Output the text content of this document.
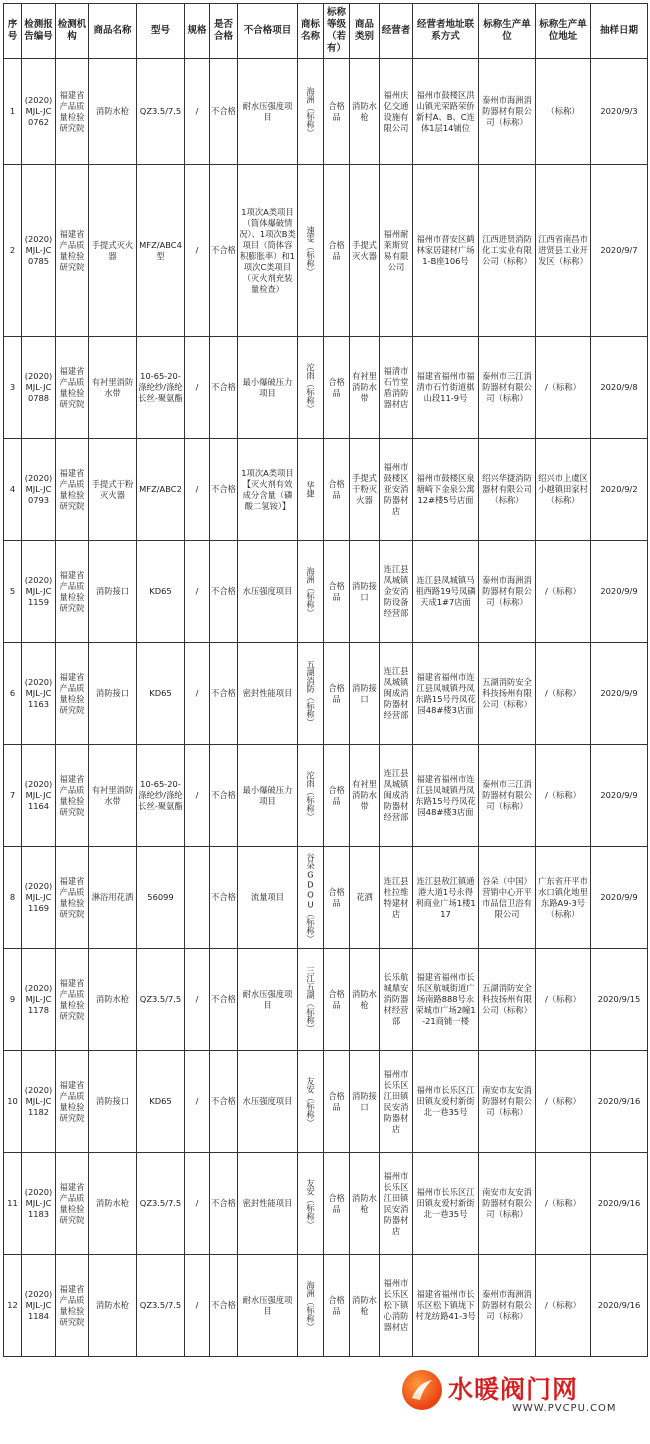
序号	检测报告编号	检测机构	商品名称	型号	规格	是否合格	不合格项目	商标名称	标称等级（若有）	商品类别	经营者	经营者地址联系方式	标称生产单位	标称生产单位地址	抽样日期
1	(2020)MJL-JC0762	福建省产品质量检验研究院	消防水枪	QZ3.5/7.5	/	不合格	耐水压强度项目	海洲（标称）	合格品	消防水枪	福州庆亿交通设施有限公司	福州市鼓楼区洪山镇光荣路荣侨新村A、B、C连体1层14铺位	泰州市海洲消防器材有限公司（标称）	（标称）	2020/9/3
2	(2020)MJL-JC0785	福建省产品质量检验研究院	手提式灭火器	MFZ/ABC4型	/	不合格	1项次A类项目（筒体爆破情况）、1项次B类项目（筒体容积膨胀率）和1项次C类项目（灭火剂充装量检查）	速雯（标称）	合格品	手提式灭火器	福州耐莱斯贸易有限公司	福州市晋安区鹤林家居建材广场1-B座106号	江西进贤消防化工实业有限公司（标称）	江西省南昌市进贤县工业开发区（标称）	2020/9/7
3	(2020)MJL-JC0788	福建省产品质量检验研究院	有衬里消防水带	10-65-20-涤纶纱/涤纶长丝-聚氨酯	/	不合格	最小爆破压力项目	沱雨（标称）	合格品	有衬里消防水带	福清市石竹堂盾消防器材店	福建省福州市福清市石竹街道棋山段11-9号	泰州市三江消防器材有限公司（标称）	/（标称）	2020/9/8
4	(2020)MJL-JC0793	福建省产品质量检验研究院	手提式干粉灭火器	MFZ/ABC2	/	不合格	1项次A类项目【灭火剂有效成分含量（磷酸二氢铵）】	华捷	合格品	手提式干粉灭火器	福州市鼓楼区亚安消防器材店	福州市鼓楼区泉塘崎下金泉公寓12#楼5号店面	绍兴华捷消防器材有限公司（标称）	绍兴市上虞区小越镇田家村（标称）	2020/9/2
5	(2020)MJL-JC1159	福建省产品质量检验研究院	消防接口	KD65	/	不合格	水压强度项目	海洲（标称）	合格品	消防接口	连江县凤城镇金安消防设备经营部	连江县凤城镇马祖西路19号凤磷天成1#7店面	泰州市海洲消防器材有限公司（标称）	/（标称）	2020/9/9
6	(2020)MJL-JC1163	福建省产品质量检验研究院	消防接口	KD65	/	不合格	密封性能项目	五湖消防（标称）	合格品	消防接口	连江县凤城镇闽成消防器材经营部	福建省福州市连江县凤城镇丹凤东路15号丹凤花园48#楼3店面	五湖消防安全科技扬州有限公司（标称）	/（标称）	2020/9/9
7	(2020)MJL-JC1164	福建省产品质量检验研究院	有衬里消防水带	10-65-20-涤纶纱/涤纶长丝-聚氨酯	/	不合格	最小爆破压力项目	沱雨（标称）	合格品	有衬里消防水带	连江县凤城镇闽成消防器材经营部	福建省福州市连江县凤城镇丹凤东路15号丹凤花园48#楼3店面	泰州市三江消防器材有限公司（标称）	/（标称）	2020/9/9
8	(2020)MJL-JC1169	福建省产品质量检验研究院	淋浴用花洒	56099		不合格	流量项目	谷朵GDOU（标称）	合格品	花洒	连江县杜拉维特建材店	连江县敖江镇通港大道1号永得利商业广场1楼117	谷朵（中国）营销中心开平市品信卫浴有限公司	广东省开平市水口镇化地里东路A9-3号（标称）	2020/9/9
9	(2020)MJL-JC1178	福建省产品质量检验研究院	消防水枪	QZ3.5/7.5	/	不合格	耐水压强度项目	三江五湖（标称）	合格品	消防水枪	长乐航城鼎安消防器材经营部	福建省福州市长乐区航城街道广场南路888号永荣城市广场2幢1-21商铺一楼	五湖消防安全科技扬州有限公司（标称）	/（标称）	2020/9/15
10	(2020)MJL-JC1182	福建省产品质量检验研究院	消防接口	KD65	/	不合格	水压强度项目	友安（标称）	合格品	消防接口	福州市长乐区江田镇民安消防器材店	福州市长乐区江田镇友爱村新街北一巷35号	南安市友安消防器材有限公司（标称）	/（标称）	2020/9/16
11	(2020)MJL-JC1183	福建省产品质量检验研究院	消防水枪	QZ3.5/7.5	/	不合格	密封性能项目	友安（标称）	合格品	消防水枪	福州市长乐区江田镇民安消防器材店	福州市长乐区江田镇友爱村新街北一巷35号	南安市友安消防器材有限公司（标称）	/（标称）	2020/9/16
12	(2020)MJL-JC1184	福建省产品质量检验研究院	消防水枪	QZ3.5/7.5	/	不合格	耐水压强度项目	海洲（标称）	合格品	消防水枪	福州市长乐区松下镇心消防器材店	福建省福州市长乐区松下镇垅下村龙纺路41-3号	泰州市海洲消防器材有限公司（标称）	/（标称）	2020/9/16
水暖阀门网
WWW.PVCPU.COM
